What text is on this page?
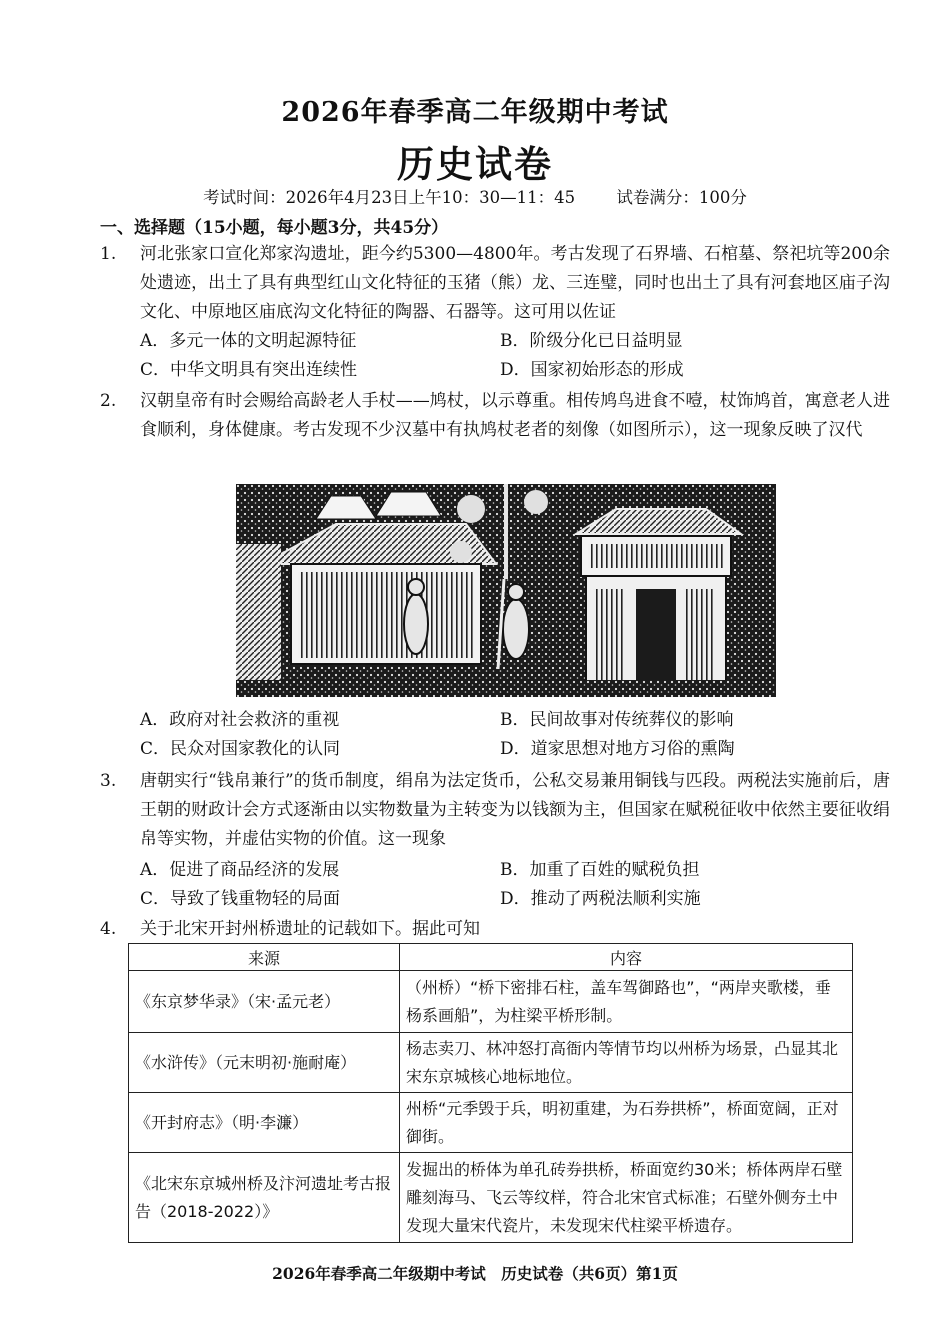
2026年春季高二年级期中考试
历史试卷
考试时间：2026年4月23日上午10：30—11：45	试卷满分：100分
一、选择题（15小题，每小题3分，共45分）
1. 河北张家口宣化郑家沟遗址，距今约5300—4800年。考古发现了石界墙、石棺墓、祭祀坑等200余处遗迹，出土了具有典型红山文化特征的玉猪（熊）龙、三连璧，同时也出土了具有河套地区庙子沟文化、中原地区庙底沟文化特征的陶器、石器等。这可用以佐证
A．多元一体的文明起源特征	B．阶级分化已日益明显
C．中华文明具有突出连续性	D．国家初始形态的形成
2. 汉朝皇帝有时会赐给高龄老人手杖——鸠杖，以示尊重。相传鸠鸟进食不噎，杖饰鸠首，寓意老人进食顺利，身体健康。考古发现不少汉墓中有执鸠杖老者的刻像（如图所示），这一现象反映了汉代
A．政府对社会救济的重视	B．民间故事对传统葬仪的影响
C．民众对国家教化的认同	D．道家思想对地方习俗的熏陶
3. 唐朝实行“钱帛兼行”的货币制度，绢帛为法定货币，公私交易兼用铜钱与匹段。两税法实施前后，唐王朝的财政计会方式逐渐由以实物数量为主转变为以钱额为主，但国家在赋税征收中依然主要征收绢帛等实物，并虚估实物的价值。这一现象
A．促进了商品经济的发展	B．加重了百姓的赋税负担
C．导致了钱重物轻的局面	D．推动了两税法顺利实施
4. 关于北宋开封州桥遗址的记载如下。据此可知
来源	内容
《东京梦华录》（宋·孟元老）	（州桥）“桥下密排石柱，盖车驾御路也”，“两岸夹歌楼，垂杨系画船”，为柱梁平桥形制。
《水浒传》（元末明初·施耐庵）	杨志卖刀、林冲怒打高衙内等情节均以州桥为场景，凸显其北宋东京城核心地标地位。
《开封府志》（明·李濂）	州桥“元季毁于兵，明初重建，为石券拱桥”，桥面宽阔，正对御街。
《北宋东京城州桥及汴河遗址考古报告（2018-2022）》	发掘出的桥体为单孔砖券拱桥，桥面宽约30米；桥体两岸石壁雕刻海马、飞云等纹样，符合北宋官式标准；石壁外侧夯土中发现大量宋代瓷片，未发现宋代柱梁平桥遗存。
2026年春季高二年级期中考试　历史试卷（共6页）第1页
